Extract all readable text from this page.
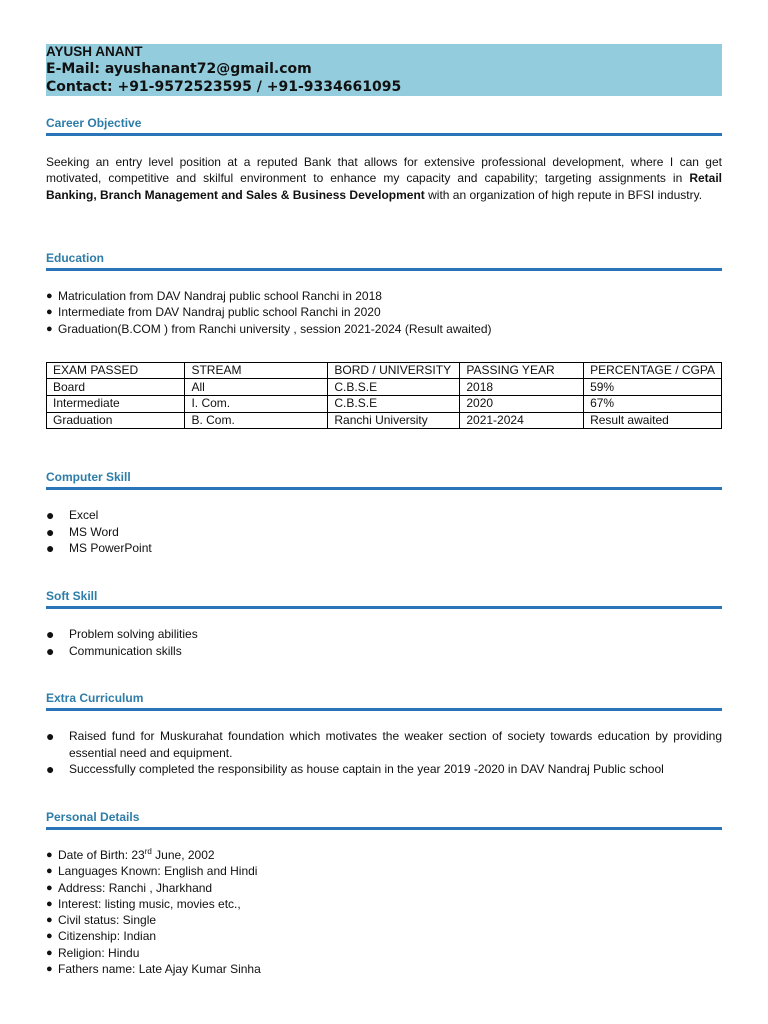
AYUSH ANANT
E-Mail: ayushanant72@gmail.com
Contact: +91-9572523595 / +91-9334661095
Career Objective
Seeking an entry level position at a reputed Bank that allows for extensive professional development, where I can get motivated, competitive and skilful environment to enhance my capacity and capability; targeting assignments in Retail Banking, Branch Management and Sales & Business Development with an organization of high repute in BFSI industry.
Education
● Matriculation from DAV Nandraj public school Ranchi in 2018
● Intermediate from DAV Nandraj public school Ranchi in 2020
● Graduation(B.COM ) from Ranchi university , session 2021-2024 (Result awaited)
EXAM PASSED	STREAM	BORD / UNIVERSITY	PASSING YEAR	PERCENTAGE / CGPA
Board	All	C.B.S.E	2018	59%
Intermediate	I. Com.	C.B.S.E	2020	67%
Graduation	B. Com.	Ranchi University	2021-2024	Result awaited
Computer Skill
●	Excel
●	MS Word
●	MS PowerPoint
Soft Skill
●	Problem solving abilities
●	Communication skills
Extra Curriculum
●	Raised fund for Muskurahat foundation which motivates the weaker section of society towards education by providing essential need and equipment.
●	Successfully completed the responsibility as house captain in the year 2019 -2020 in DAV Nandraj Public school
Personal Details
● Date of Birth: 23rd June, 2002
● Languages Known: English and Hindi
● Address: Ranchi , Jharkhand
● Interest: listing music, movies etc.,
● Civil status: Single
● Citizenship: Indian
● Religion: Hindu
● Fathers name: Late Ajay Kumar Sinha
